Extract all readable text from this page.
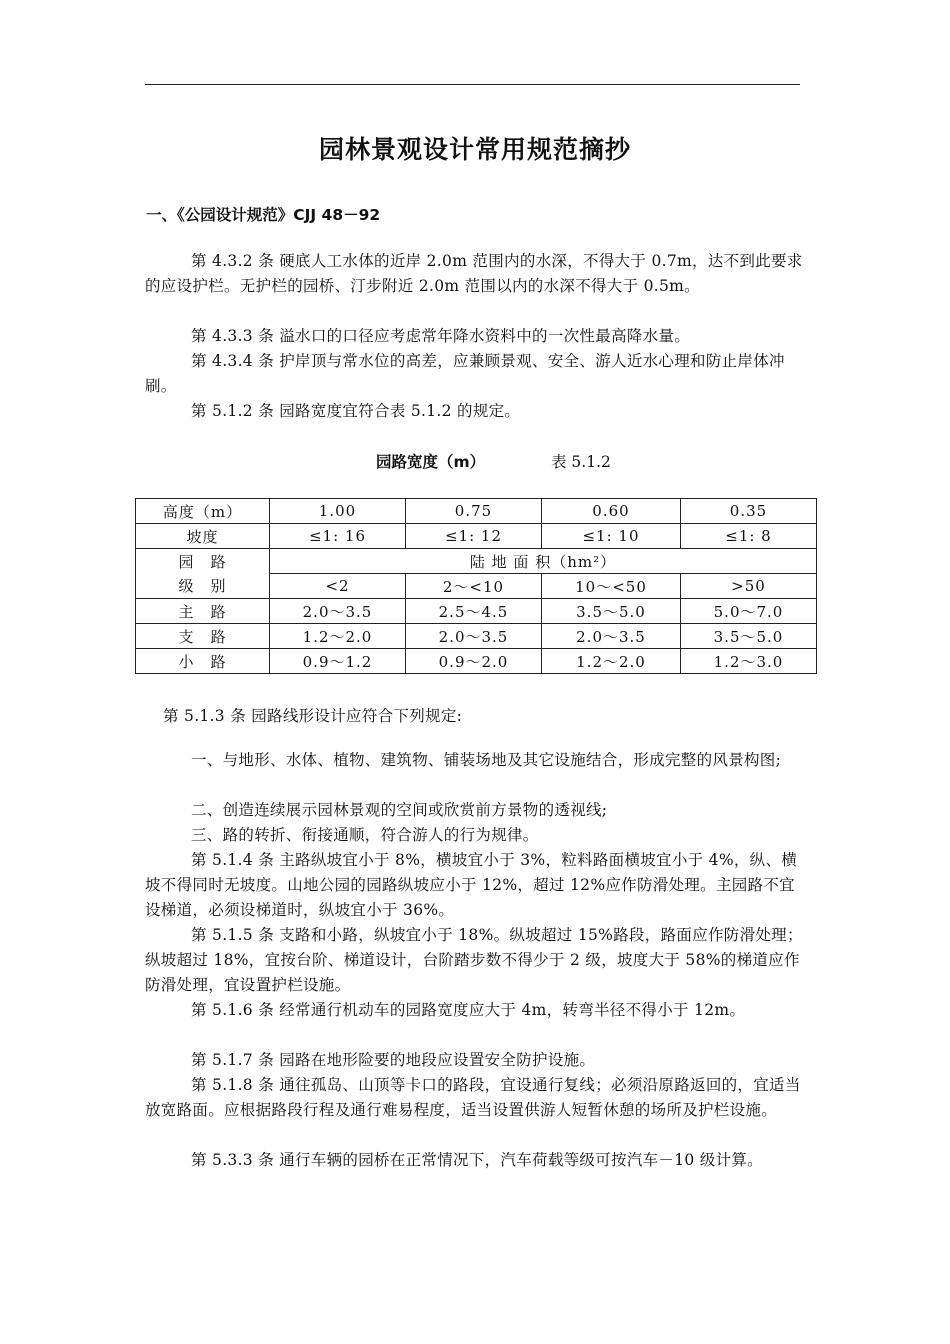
园林景观设计常用规范摘抄
一、《公园设计规范》CJJ 48－92

第 4.3.2 条 硬底人工水体的近岸 2.0m 范围内的水深，不得大于 0.7m，达不到此要求的应设护栏。无护栏的园桥、汀步附近 2.0m 范围以内的水深不得大于 0.5m。

第 4.3.3 条 溢水口的口径应考虑常年降水资料中的一次性最高降水量。

第 4.3.4 条 护岸顶与常水位的高差，应兼顾景观、安全、游人近水心理和防止岸体冲刷。

第 5.1.2 条 园路宽度宜符合表 5.1.2 的规定。

园路宽度（m）	表 5.1.2
高度（m）	1.00	0.75	0.60	0.35
坡度	≤1: 16	≤1: 12	≤1: 10	≤1: 8
园　路	陆 地 面 积（hm²）			
级　别	<2	2～<10	10～<50	>50
主　路	2.0～3.5	2.5～4.5	3.5～5.0	5.0～7.0
支　路	1.2～2.0	2.0～3.5	2.0～3.5	3.5～5.0
小　路	0.9～1.2	0.9～2.0	1.2～2.0	1.2～3.0
第 5.1.3 条 园路线形设计应符合下列规定:

一、与地形、水体、植物、建筑物、铺装场地及其它设施结合，形成完整的风景构图;

二、创造连续展示园林景观的空间或欣赏前方景物的透视线;

三、路的转折、衔接通顺，符合游人的行为规律。

第 5.1.4 条 主路纵坡宜小于 8%，横坡宜小于 3%，粒料路面横坡宜小于 4%，纵、横坡不得同时无坡度。山地公园的园路纵坡应小于 12%，超过 12%应作防滑处理。主园路不宜设梯道，必须设梯道时，纵坡宜小于 36%。

第 5.1.5 条 支路和小路，纵坡宜小于 18%。纵坡超过 15%路段，路面应作防滑处理；纵坡超过 18%，宜按台阶、梯道设计，台阶踏步数不得少于 2 级，坡度大于 58%的梯道应作防滑处理，宜设置护栏设施。

第 5.1.6 条 经常通行机动车的园路宽度应大于 4m，转弯半径不得小于 12m。

第 5.1.7 条 园路在地形险要的地段应设置安全防护设施。

第 5.1.8 条 通往孤岛、山顶等卡口的路段，宜设通行复线；必须沿原路返回的，宜适当放宽路面。应根据路段行程及通行难易程度，适当设置供游人短暂休憩的场所及护栏设施。

第 5.3.3 条 通行车辆的园桥在正常情况下，汽车荷载等级可按汽车－10 级计算。
